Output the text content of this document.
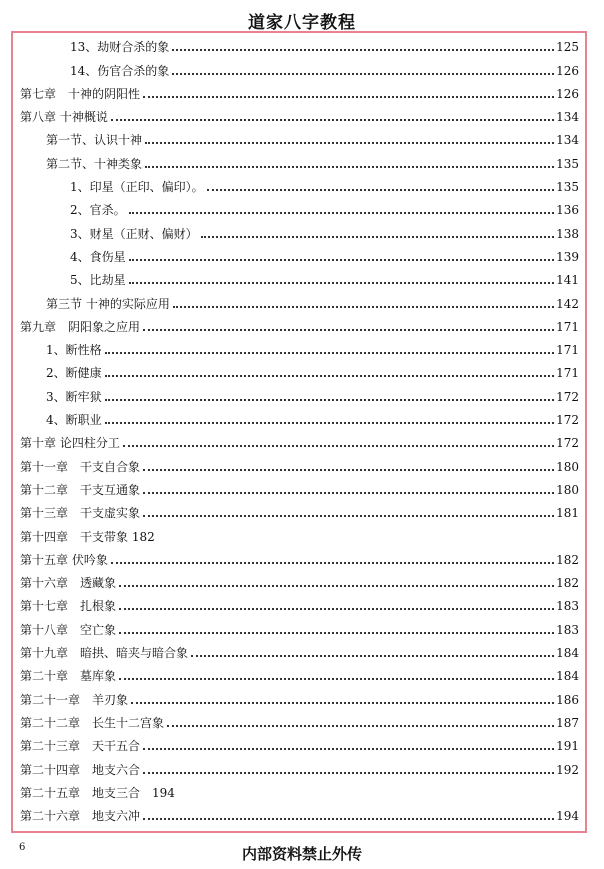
道家八字教程
13、劫财合杀的象	125
14、伤官合杀的象	126
第七章　十神的阴阳性	126
第八章 十神概说	134
第一节、认识十神	134
第二节、十神类象	135
1、印星（正印、偏印）。	135
2、官杀。	136
3、财星（正财、偏财）	138
4、食伤星	139
5、比劫星	141
第三节 十神的实际应用	142
第九章　阴阳象之应用	171
1、断性格	171
2、断健康	171
3、断牢狱	172
4、断职业	172
第十章 论四柱分工	172
第十一章　干支自合象	180
第十二章　干支互通象	180
第十三章　干支虚实象	181
第十四章　干支带象 182
第十五章 伏吟象	182
第十六章　透藏象	182
第十七章　扎根象	183
第十八章　空亡象	183
第十九章　暗拱、暗夹与暗合象	184
第二十章　墓库象	184
第二十一章　羊刃象	186
第二十二章　长生十二宫象	187
第二十三章　天干五合	191
第二十四章　地支六合	192
第二十五章　地支三合　194
第二十六章　地支六冲	194
6	内部资料禁止外传
